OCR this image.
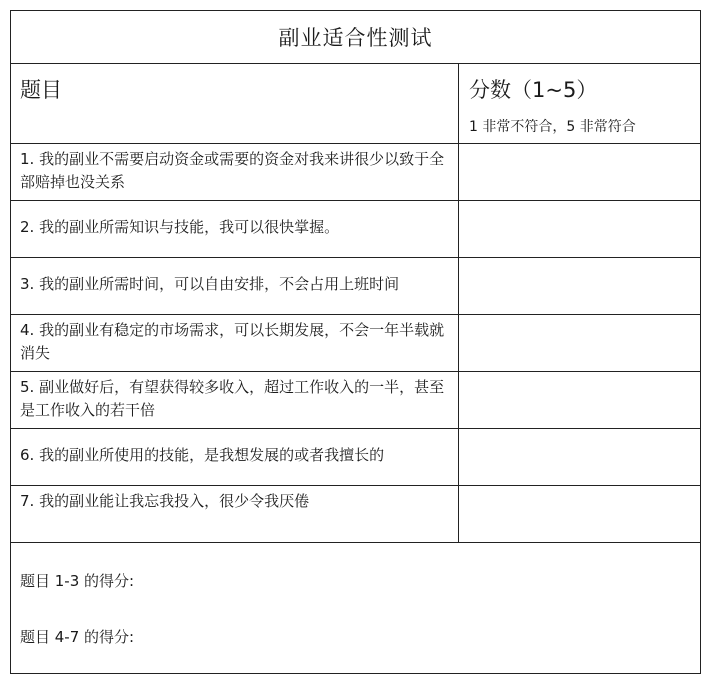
副业适合性测试
题目	分数（1~5）
1 非常不符合，5 非常符合
1. 我的副业不需要启动资金或需要的资金对我来讲很少以致于全部赔掉也没关系
2. 我的副业所需知识与技能，我可以很快掌握。
3. 我的副业所需时间，可以自由安排，不会占用上班时间
4. 我的副业有稳定的市场需求，可以长期发展，不会一年半载就消失
5. 副业做好后，有望获得较多收入，超过工作收入的一半，甚至是工作收入的若干倍
6. 我的副业所使用的技能，是我想发展的或者我擅长的
7. 我的副业能让我忘我投入，很少令我厌倦
题目 1-3 的得分:
题目 4-7 的得分:
